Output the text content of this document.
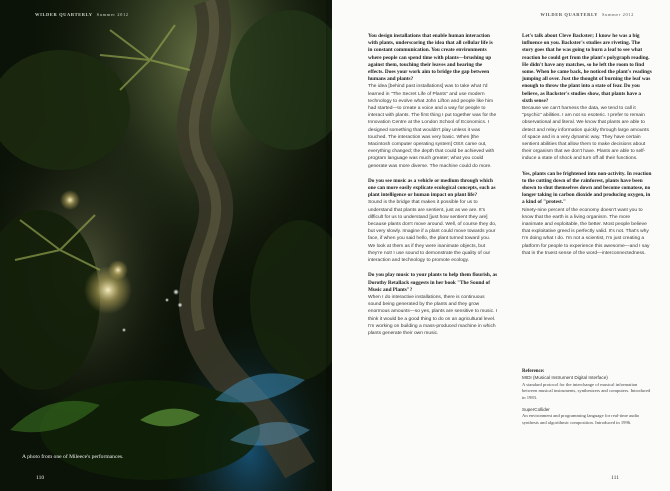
WILDER QUARTERLY Summer 2012
A photo from one of Mileece's performances.
110
WILDER QUARTERLY Summer 2012

You design installations that enable human interaction with plants, underscoring the idea that all cellular life is in constant communication. You create environments where people can spend time with plants—brushing up against them, touching their leaves and hearing the effects. Does your work aim to bridge the gap between humans and plants?

The idea [behind past installations] was to take what I'd learned in "The Secret Life of Plants" and use modern technology to evolve what John Lifton and people like him had started—to create a voice and a way for people to interact with plants. The first thing I put together was for the Innovation Centre at the London School of Economics. I designed something that wouldn't play unless it was touched. The interaction was very basic. When [the Macintosh computer operating system] OSX came out, everything changed; the depth that could be achieved with program language was much greater; what you could generate was more diverse. The machine could do more.

Do you see music as a vehicle or medium through which one can more easily explicate ecological concepts, such as plant intelligence or human impact on plant life?

Sound is the bridge that makes it possible for us to understand that plants are sentient, just as we are. It's difficult for us to understand [just how sentient they are] because plants don't move around. Well, of course they do, but very slowly. Imagine if a plant could move towards your face, if when you said hello, the plant turned toward you. We look at them as if they were inanimate objects, but they're not! I use sound to demonstrate the quality of our interaction and technology to promote ecology.

Do you play music to your plants to help them flourish, as Dorothy Retallack suggests in her book "The Sound of Music and Plants"?

When I do interactive installations, there is continuous sound being generated by the plants and they grow enormous amounts—so yes, plants are sensitive to music. I think it would be a good thing to do on an agricultural level. I'm working on building a mass-produced machine in which plants generate their own music.

Let's talk about Cleve Backster; I know he was a big influence on you. Backster's studies are riveting. The story goes that he was going to burn a leaf to see what reaction he could get from the plant's polygraph reading. He didn't have any matches, so he left the room to find some. When he came back, he noticed the plant's readings jumping all over. Just the thought of burning the leaf was enough to throw the plant into a state of fear. Do you believe, as Backster's studies show, that plants have a sixth sense?

Because we can't harness the data, we tend to call it "psychic" abilities. I am not so esoteric. I prefer to remain observational and literal. We know that plants are able to detect and relay information quickly through large amounts of space and in a very dynamic way. They have certain sentient abilities that allow them to make decisions about their organism that we don't have. Plants are able to self-induce a state of shock and turn off all their functions.

Yes, plants can be frightened into non-activity. In reaction to the cutting down of the rainforest, plants have been shown to shut themselves down and become comatose, no longer taking in carbon dioxide and producing oxygen, in a kind of "protest."

Ninety-nine percent of the economy doesn't want you to know that the earth is a living organism. The more inanimate and exploitable, the better. Most people believe that exploitative greed is perfectly valid. It's not. That's why I'm doing what I do. I'm not a scientist, I'm just creating a platform for people to experience this awesome—and I say that in the truest sense of the word—interconnectedness.

Reference:

MIDI (Musical Instrument Digital Interface)

A standard protocol for the interchange of musical information between musical instruments, synthesizers and computers. Introduced in 1983.

SuperCollider

An environment and programming language for real-time audio synthesis and algorithmic composition. Introduced in 1996.

111
